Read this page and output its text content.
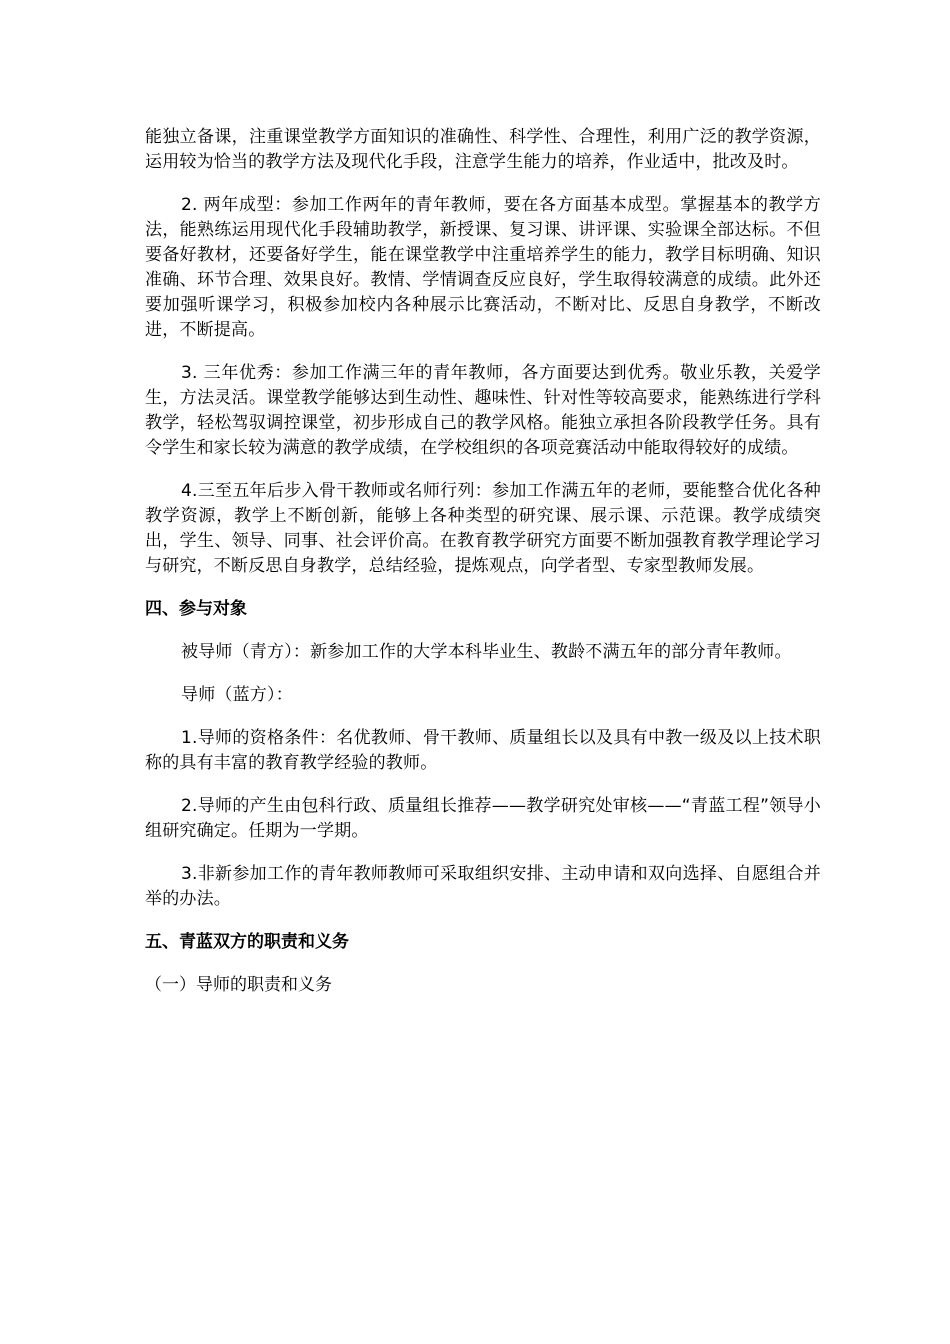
能独立备课，注重课堂教学方面知识的准确性、科学性、合理性，利用广泛的教学资源，运用较为恰当的教学方法及现代化手段，注意学生能力的培养，作业适中，批改及时。

2. 两年成型：参加工作两年的青年教师，要在各方面基本成型。掌握基本的教学方法，能熟练运用现代化手段辅助教学，新授课、复习课、讲评课、实验课全部达标。不但要备好教材，还要备好学生，能在课堂教学中注重培养学生的能力，教学目标明确、知识准确、环节合理、效果良好。教情、学情调查反应良好，学生取得较满意的成绩。此外还要加强听课学习，积极参加校内各种展示比赛活动，不断对比、反思自身教学，不断改进，不断提高。

3. 三年优秀：参加工作满三年的青年教师，各方面要达到优秀。敬业乐教，关爱学生，方法灵活。课堂教学能够达到生动性、趣味性、针对性等较高要求，能熟练进行学科教学，轻松驾驭调控课堂，初步形成自己的教学风格。能独立承担各阶段教学任务。具有令学生和家长较为满意的教学成绩，在学校组织的各项竞赛活动中能取得较好的成绩。

4.三至五年后步入骨干教师或名师行列：参加工作满五年的老师，要能整合优化各种教学资源，教学上不断创新，能够上各种类型的研究课、展示课、示范课。教学成绩突出，学生、领导、同事、社会评价高。在教育教学研究方面要不断加强教育教学理论学习与研究，不断反思自身教学，总结经验，提炼观点，向学者型、专家型教师发展。

四、参与对象

被导师（青方）：新参加工作的大学本科毕业生、教龄不满五年的部分青年教师。

导师（蓝方）：

1.导师的资格条件：名优教师、骨干教师、质量组长以及具有中教一级及以上技术职称的具有丰富的教育教学经验的教师。

2.导师的产生由包科行政、质量组长推荐——教学研究处审核——“青蓝工程”领导小组研究确定。任期为一学期。

3.非新参加工作的青年教师教师可采取组织安排、主动申请和双向选择、自愿组合并举的办法。

五、青蓝双方的职责和义务

（一）导师的职责和义务
